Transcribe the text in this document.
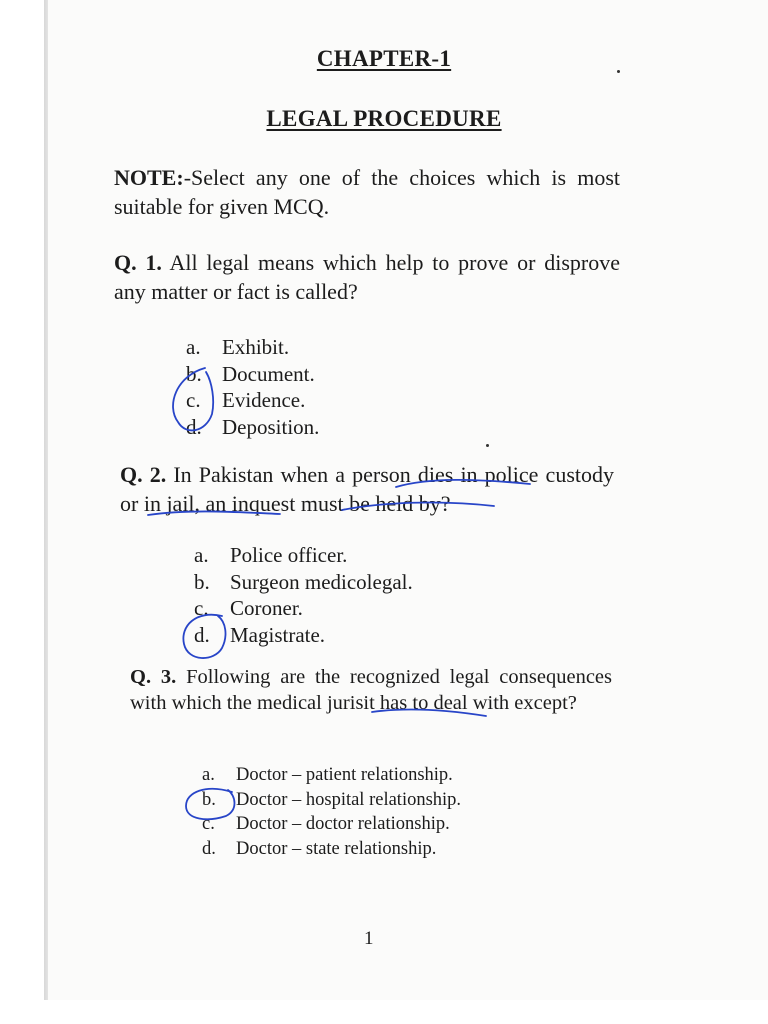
CHAPTER-1
LEGAL PROCEDURE
NOTE:-Select any one of the choices which is most suitable for given MCQ.
Q. 1. All legal means which help to prove or disprove any matter or fact is called?
a.	Exhibit.
b. Document.
c.	Evidence.
d. Deposition.
Q. 2. In Pakistan when a person dies in police custody or in jail, an inquest must be held by?
a.	Police officer.
b. Surgeon medicolegal.
c.	Coroner.
d. Magistrate.
Q. 3. Following are the recognized legal consequences with which the medical jurisit has to deal with except?
a.	Doctor – patient relationship.
b.	Doctor – hospital relationship.
c.	Doctor – doctor relationship.
d.	Doctor – state relationship.
1
